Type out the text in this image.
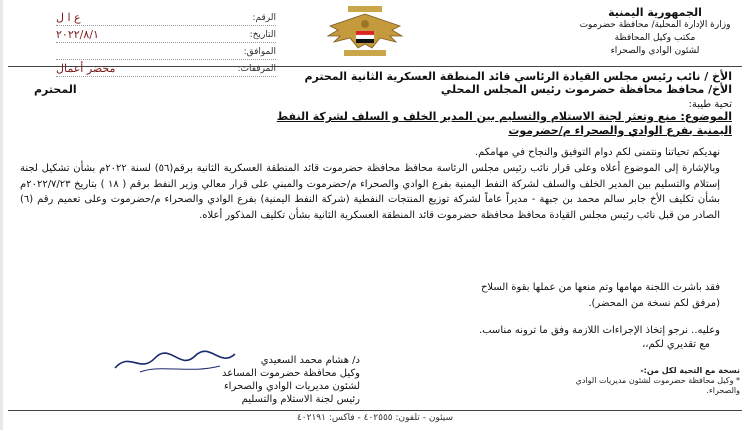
الجمهورية اليمنية
وزارة الإدارة المحلية/ محافظة حضرموت
مكتب وكيل المحافظة
لشئون الوادي والصحراء
الرقم:
ع ا ل
التاريخ:
٢٠٢٢/٨/١
الموافق:
المرفقات:
محضر أعمال
الأخ / نائب رئيس مجلس القيادة الرئاسي قائد المنطقة العسكرية الثانية المحترم
الأخ/ محافظ محافظة حضرموت رئيس المجلس المحلي
المحترم
تحية طيبة:
الموضوع: منع وتعثر لجنة الاستلام والتسليم بين المدير الخلف و السلف لشركة النفط
اليمنية بفرع الوادي والصحراء م/حضرموت
نهديكم تحياتنا ونتمنى لكم دوام التوفيق والنجاح في مهامكم.
وبالإشارة إلى الموضوع أعلاه وعلى قرار نائب رئيس مجلس الرئاسة محافظ محافظة حضرموت قائد المنطقة العسكرية الثانية برقم(٥٦) لسنة ٢٠٢٢م بشأن تشكيل لجنة إستلام والتسليم بين المدير الخلف والسلف لشركة النفط اليمنية بفرع الوادي والصحراء م/حضرموت والمبني على قرار معالي وزير النفط برقم ( ١٨ ) بتاريخ ٢٠٢٢/٧/٢٣م بشأن تكليف الأخ جابر سالم محمد بن جبهة - مديراً عاماً لشركة توزيع المنتجات النفطية (شركة النفط اليمنية) بفرع الوادي والصحراء م/حضرموت وعلى تعميم رقم (٦) الصادر من قبل نائب رئيس مجلس القيادة محافظ محافظة حضرموت قائد المنطقة العسكرية الثانية بشأن تكليف المذكور أعلاه.
فقد باشرت اللجنة مهامها وتم منعها من عملها بقوة السلاح
(مرفق لكم نسخة من المحضر).
وعليه.. نرجو إتخاذ الإجراءات اللازمة وفق ما ترونه مناسب.
مع تقديري لكم،،
د/ هشام محمد السعيدي
وكيل محافظة حضرموت المساعد
لشئون مديريات الوادي والصحراء
رئيس لجنة الاستلام والتسليم
نسخة مع التحية لكل من:-
* وكيل محافظة حضرموت لشئون مديريات الوادي والصحراء.
سيئون - تلفون: ٤٠٢٥٥٥ - فاكس: ٤٠٢١٩١
